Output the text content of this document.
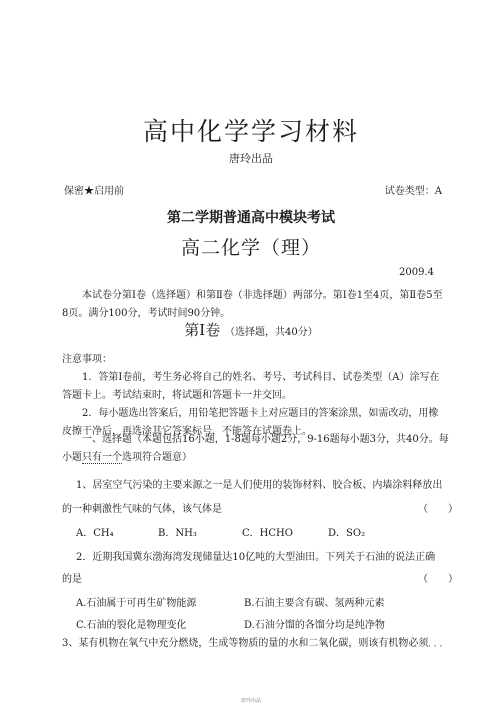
高中化学学习材料
唐玲出品
保密★启用前	试卷类型：A
第二学期普通高中模块考试
高二化学（理）
2009.4
本试卷分第Ⅰ卷（选择题）和第Ⅱ卷（非选择题）两部分。第Ⅰ卷1至4页，第Ⅱ卷5至8页。满分100分，考试时间90分钟。
第Ⅰ卷 （选择题，共40分）
注意事项：
1．答第Ⅰ卷前，考生务必将自己的姓名、考号、考试科目、试卷类型（A）涂写在答题卡上。考试结束时，将试题和答题卡一并交回。
2．每小题选出答案后，用铅笔把答题卡上对应题目的答案涂黑，如需改动，用橡皮擦干净后，再选涂其它答案标号，不能答在试题卷上。
一、选择题（本题包括16小题，1-8题每小题2分，9-16题每小题3分，共40分。每小题只有一个选项符合题意）
1、居室空气污染的主要来源之一是人们使用的装饰材料、胶合板、内墙涂料释放出
的一种刺激性气味的气体，该气体是	（　　）
A．CH₄	B．NH₃	C．HCHO	D．SO₂
2．近期我国冀东渤海湾发现储量达10亿吨的大型油田。下列关于石油的说法正确
的是	（　　）
A.石油属于可再生矿物能源	B.石油主要含有碳、氢两种元素
C.石油的裂化是物理变化	D.石油分馏的各馏分均是纯净物
3、某有机物在氧气中充分燃烧，生成等物质的量的水和二氧化碳，则该有机物必须 · · ·
唐玲出品
